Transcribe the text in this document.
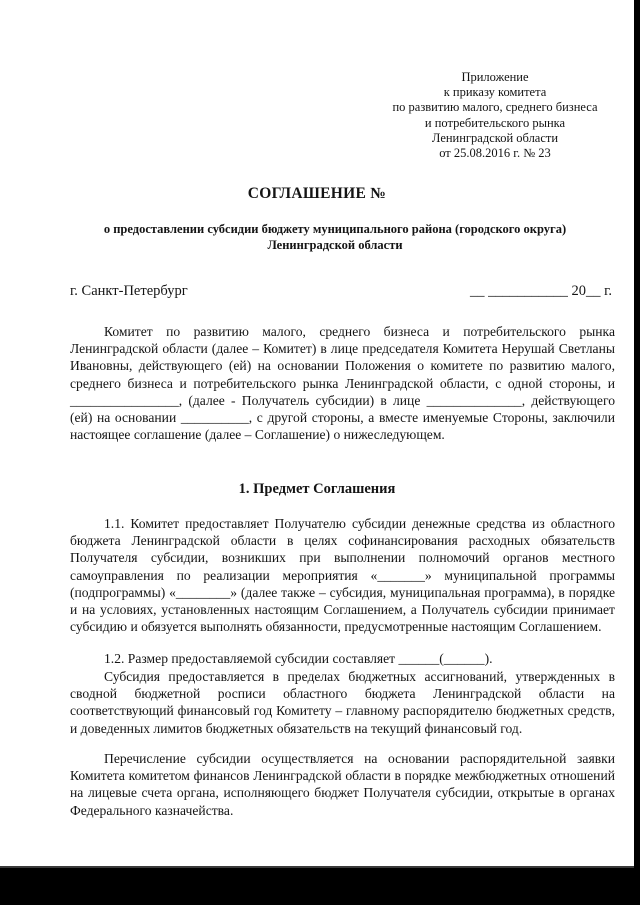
Приложение
к приказу комитета
по развитию малого, среднего бизнеса
и потребительского рынка
Ленинградской области
от 25.08.2016 г. № 23
СОГЛАШЕНИЕ №
о предоставлении субсидии бюджету муниципального района (городского округа)
Ленинградской области
г. Санкт-Петербург	__ ___________ 20__ г.
Комитет по развитию малого, среднего бизнеса и потребительского рынка Ленинградской области (далее – Комитет) в лице председателя Комитета Нерушай Светланы Ивановны, действующего (ей) на основании Положения о комитете по развитию малого, среднего бизнеса и потребительского рынка Ленинградской области, с одной стороны, и ________________, (далее - Получатель субсидии) в лице ______________, действующего (ей) на основании __________, с другой стороны, а вместе именуемые Стороны, заключили настоящее соглашение (далее – Соглашение) о нижеследующем.
1. Предмет Соглашения
1.1. Комитет предоставляет Получателю субсидии денежные средства из областного бюджета Ленинградской области в целях софинансирования расходных обязательств Получателя субсидии, возникших при выполнении полномочий органов местного самоуправления по реализации мероприятия «_______» муниципальной программы (подпрограммы) «________» (далее также – субсидия, муниципальная программа), в порядке и на условиях, установленных настоящим Соглашением, а Получатель субсидии принимает субсидию и обязуется выполнять обязанности, предусмотренные настоящим Соглашением.
1.2. Размер предоставляемой субсидии составляет ______(______).
Субсидия предоставляется в пределах бюджетных ассигнований, утвержденных в сводной бюджетной росписи областного бюджета Ленинградской области на соответствующий финансовый год Комитету – главному распорядителю бюджетных средств, и доведенных лимитов бюджетных обязательств на текущий финансовый год.
Перечисление субсидии осуществляется на основании распорядительной заявки Комитета комитетом финансов Ленинградской области в порядке межбюджетных отношений на лицевые счета органа, исполняющего бюджет Получателя субсидии, открытые в органах Федерального казначейства.
